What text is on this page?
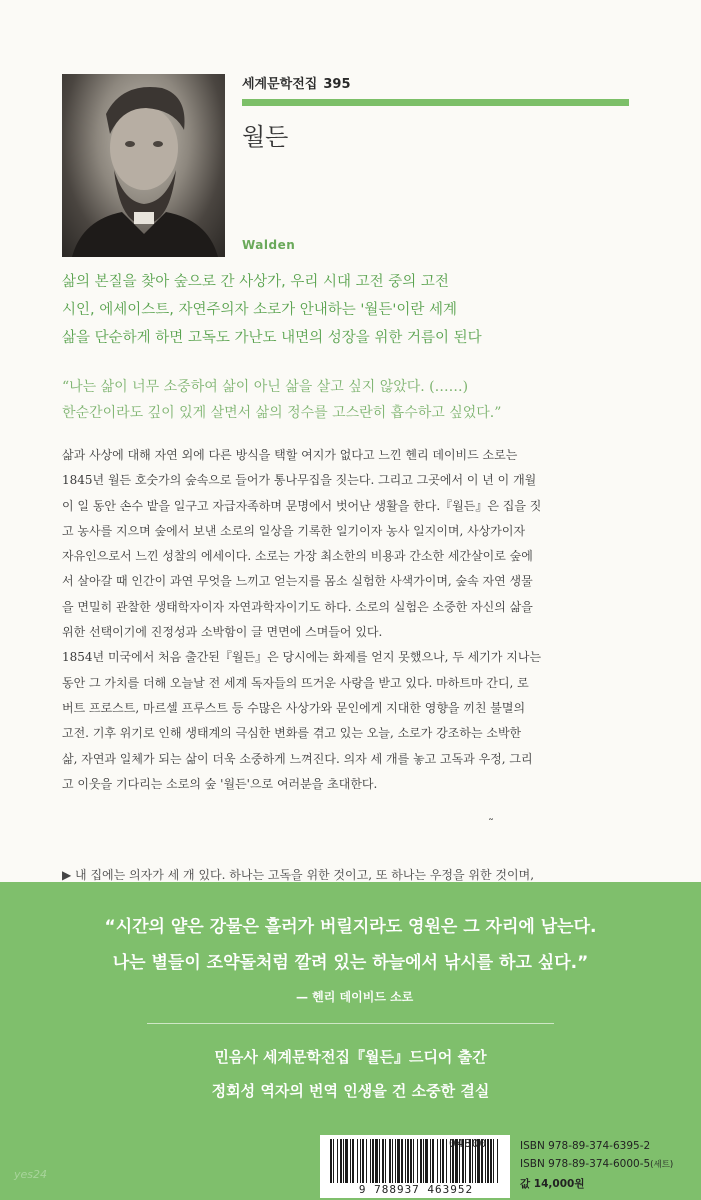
세계문학전집 395
월든
Walden
삶의 본질을 찾아 숲으로 간 사상가, 우리 시대 고전 중의 고전
시인, 에세이스트, 자연주의자 소로가 안내하는 '월든'이란 세계
삶을 단순하게 하면 고독도 가난도 내면의 성장을 위한 거름이 된다
“나는 삶이 너무 소중하여 삶이 아닌 삶을 살고 싶지 않았다. (……)
한순간이라도 깊이 있게 살면서 삶의 정수를 고스란히 흡수하고 싶었다.”
삶과 사상에 대해 자연 외에 다른 방식을 택할 여지가 없다고 느낀 헨리 데이비드 소로는
1845년 월든 호숫가의 숲속으로 들어가 통나무집을 짓는다. 그리고 그곳에서 이 년 이 개월
이 일 동안 손수 밭을 일구고 자급자족하며 문명에서 벗어난 생활을 한다.『월든』은 집을 짓
고 농사를 지으며 숲에서 보낸 소로의 일상을 기록한 일기이자 농사 일지이며, 사상가이자
자유인으로서 느낀 성찰의 에세이다. 소로는 가장 최소한의 비용과 간소한 세간살이로 숲에
서 살아갈 때 인간이 과연 무엇을 느끼고 얻는지를 몸소 실험한 사색가이며, 숲속 자연 생물
을 면밀히 관찰한 생태학자이자 자연과학자이기도 하다. 소로의 실험은 소중한 자신의 삶을
위한 선택이기에 진정성과 소박함이 글 면면에 스며들어 있다.
1854년 미국에서 처음 출간된『월든』은 당시에는 화제를 얻지 못했으나, 두 세기가 지나는
동안 그 가치를 더해 오늘날 전 세계 독자들의 뜨거운 사랑을 받고 있다. 마하트마 간디, 로
버트 프로스트, 마르셀 프루스트 등 수많은 사상가와 문인에게 지대한 영향을 끼친 불멸의
고전. 기후 위기로 인해 생태계의 극심한 변화를 겪고 있는 오늘, 소로가 강조하는 소박한
삶, 자연과 일체가 되는 삶이 더욱 소중하게 느껴진다. 의자 세 개를 놓고 고독과 우정, 그리
고 이웃을 기다리는 소로의 숲 '월든'으로 여러분을 초대한다.
˜
▶ 내 집에는 의자가 세 개 있다. 하나는 고독을 위한 것이고, 또 하나는 우정을 위한 것이며,
“시간의 얕은 강물은 흘러가 버릴지라도 영원은 그 자리에 남는다.
나는 별들이 조약돌처럼 깔려 있는 하늘에서 낚시를 하고 싶다.”
— 헨리 데이비드 소로
민음사 세계문학전집『월든』드디어 출간
정회성 역자의 번역 인생을 건 소중한 결실
9 788937 463952
04800	ISBN 978-89-374-6395-2
ISBN 978-89-374-6000-5(세트)
값 14,000원
yes24
